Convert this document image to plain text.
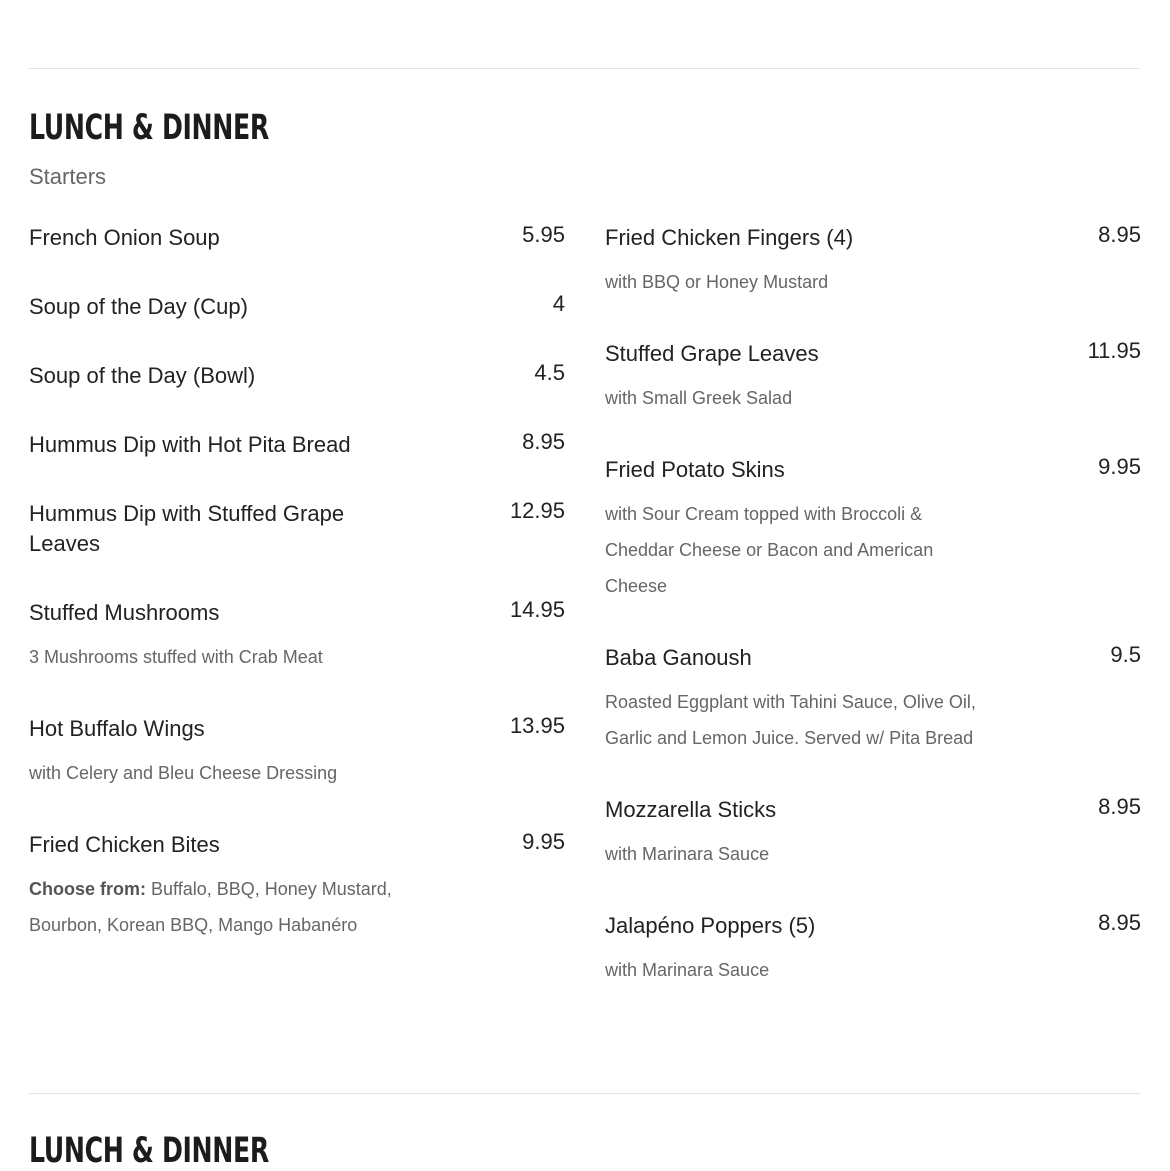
LUNCH & DINNER
Starters
French Onion Soup	5.95
Soup of the Day (Cup)	4
Soup of the Day (Bowl)	4.5
Hummus Dip with Hot Pita Bread	8.95
Hummus Dip with Stuffed Grape Leaves
12.95
Stuffed Mushrooms	14.95
3 Mushrooms stuffed with Crab Meat
Hot Buffalo Wings	13.95
with Celery and Bleu Cheese Dressing
Fried Chicken Bites	9.95
Choose from: Buffalo, BBQ, Honey Mustard, Bourbon, Korean BBQ, Mango Habanéro
Fried Chicken Fingers (4)	8.95
with BBQ or Honey Mustard
Stuffed Grape Leaves	11.95
with Small Greek Salad
Fried Potato Skins	9.95
with Sour Cream topped with Broccoli & Cheddar Cheese or Bacon and American Cheese
Baba Ganoush	9.5
Roasted Eggplant with Tahini Sauce, Olive Oil, Garlic and Lemon Juice. Served w/ Pita Bread
Mozzarella Sticks	8.95
with Marinara Sauce
Jalapéno Poppers (5)	8.95
with Marinara Sauce
LUNCH & DINNER
